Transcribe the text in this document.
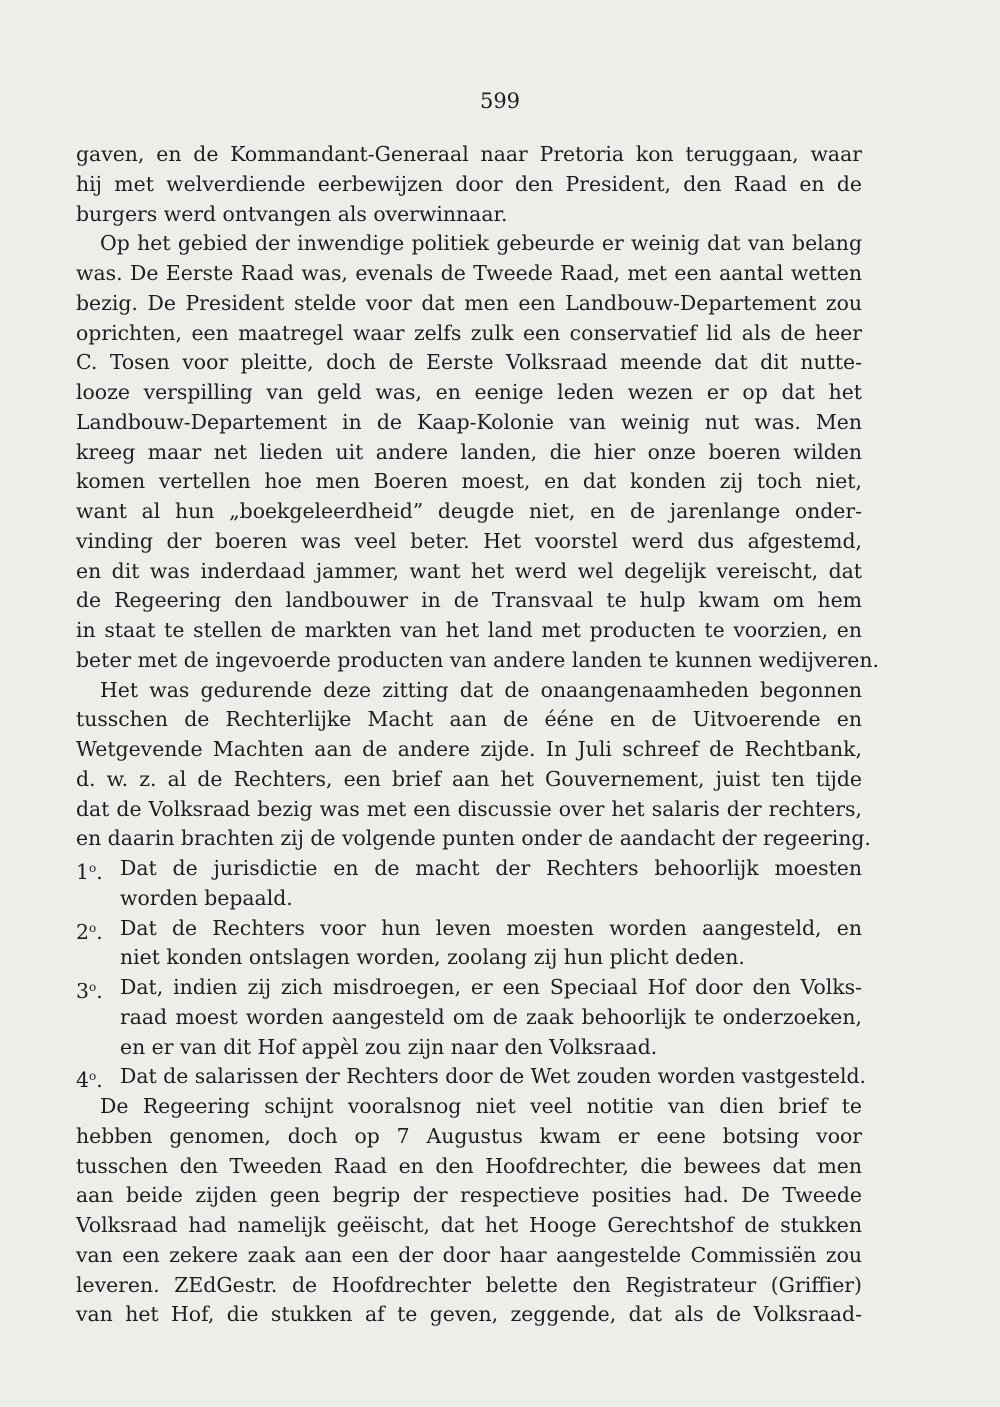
599
gaven, en de Kommandant-Generaal naar Pretoria kon teruggaan, waar
hij met welverdiende eerbewijzen door den President, den Raad en de
burgers werd ontvangen als overwinnaar.
Op het gebied der inwendige politiek gebeurde er weinig dat van belang
was. De Eerste Raad was, evenals de Tweede Raad, met een aantal wetten
bezig. De President stelde voor dat men een Landbouw-Departement zou
oprichten, een maatregel waar zelfs zulk een conservatief lid als de heer
C. Tosen voor pleitte, doch de Eerste Volksraad meende dat dit nutte-
looze verspilling van geld was, en eenige leden wezen er op dat het
Landbouw-Departement in de Kaap-Kolonie van weinig nut was. Men
kreeg maar net lieden uit andere landen, die hier onze boeren wilden
komen vertellen hoe men Boeren moest, en dat konden zij toch niet,
want al hun „boekgeleerdheid” deugde niet, en de jarenlange onder-
vinding der boeren was veel beter. Het voorstel werd dus afgestemd,
en dit was inderdaad jammer, want het werd wel degelijk vereischt, dat
de Regeering den landbouwer in de Transvaal te hulp kwam om hem
in staat te stellen de markten van het land met producten te voorzien, en
beter met de ingevoerde producten van andere landen te kunnen wedijveren.
Het was gedurende deze zitting dat de onaangenaamheden begonnen
tusschen de Rechterlijke Macht aan de ééne en de Uitvoerende en
Wetgevende Machten aan de andere zijde. In Juli schreef de Rechtbank,
d. w. z. al de Rechters, een brief aan het Gouvernement, juist ten tijde
dat de Volksraad bezig was met een discussie over het salaris der rechters,
en daarin brachten zij de volgende punten onder de aandacht der regeering.
1$^o$. Dat de jurisdictie en de macht der Rechters behoorlijk moesten
worden bepaald.
2$^o$. Dat de Rechters voor hun leven moesten worden aangesteld, en
niet konden ontslagen worden, zoolang zij hun plicht deden.
3$^o$. Dat, indien zij zich misdroegen, er een Speciaal Hof door den Volks-
raad moest worden aangesteld om de zaak behoorlijk te onderzoeken,
en er van dit Hof appèl zou zijn naar den Volksraad.
4$^o$. Dat de salarissen der Rechters door de Wet zouden worden vastgesteld.
De Regeering schijnt vooralsnog niet veel notitie van dien brief te
hebben genomen, doch op 7 Augustus kwam er eene botsing voor
tusschen den Tweeden Raad en den Hoofdrechter, die bewees dat men
aan beide zijden geen begrip der respectieve posities had. De Tweede
Volksraad had namelijk geëischt, dat het Hooge Gerechtshof de stukken
van een zekere zaak aan een der door haar aangestelde Commissiën zou
leveren. ZEdGestr. de Hoofdrechter belette den Registrateur (Griffier)
van het Hof, die stukken af te geven, zeggende, dat als de Volksraad-
